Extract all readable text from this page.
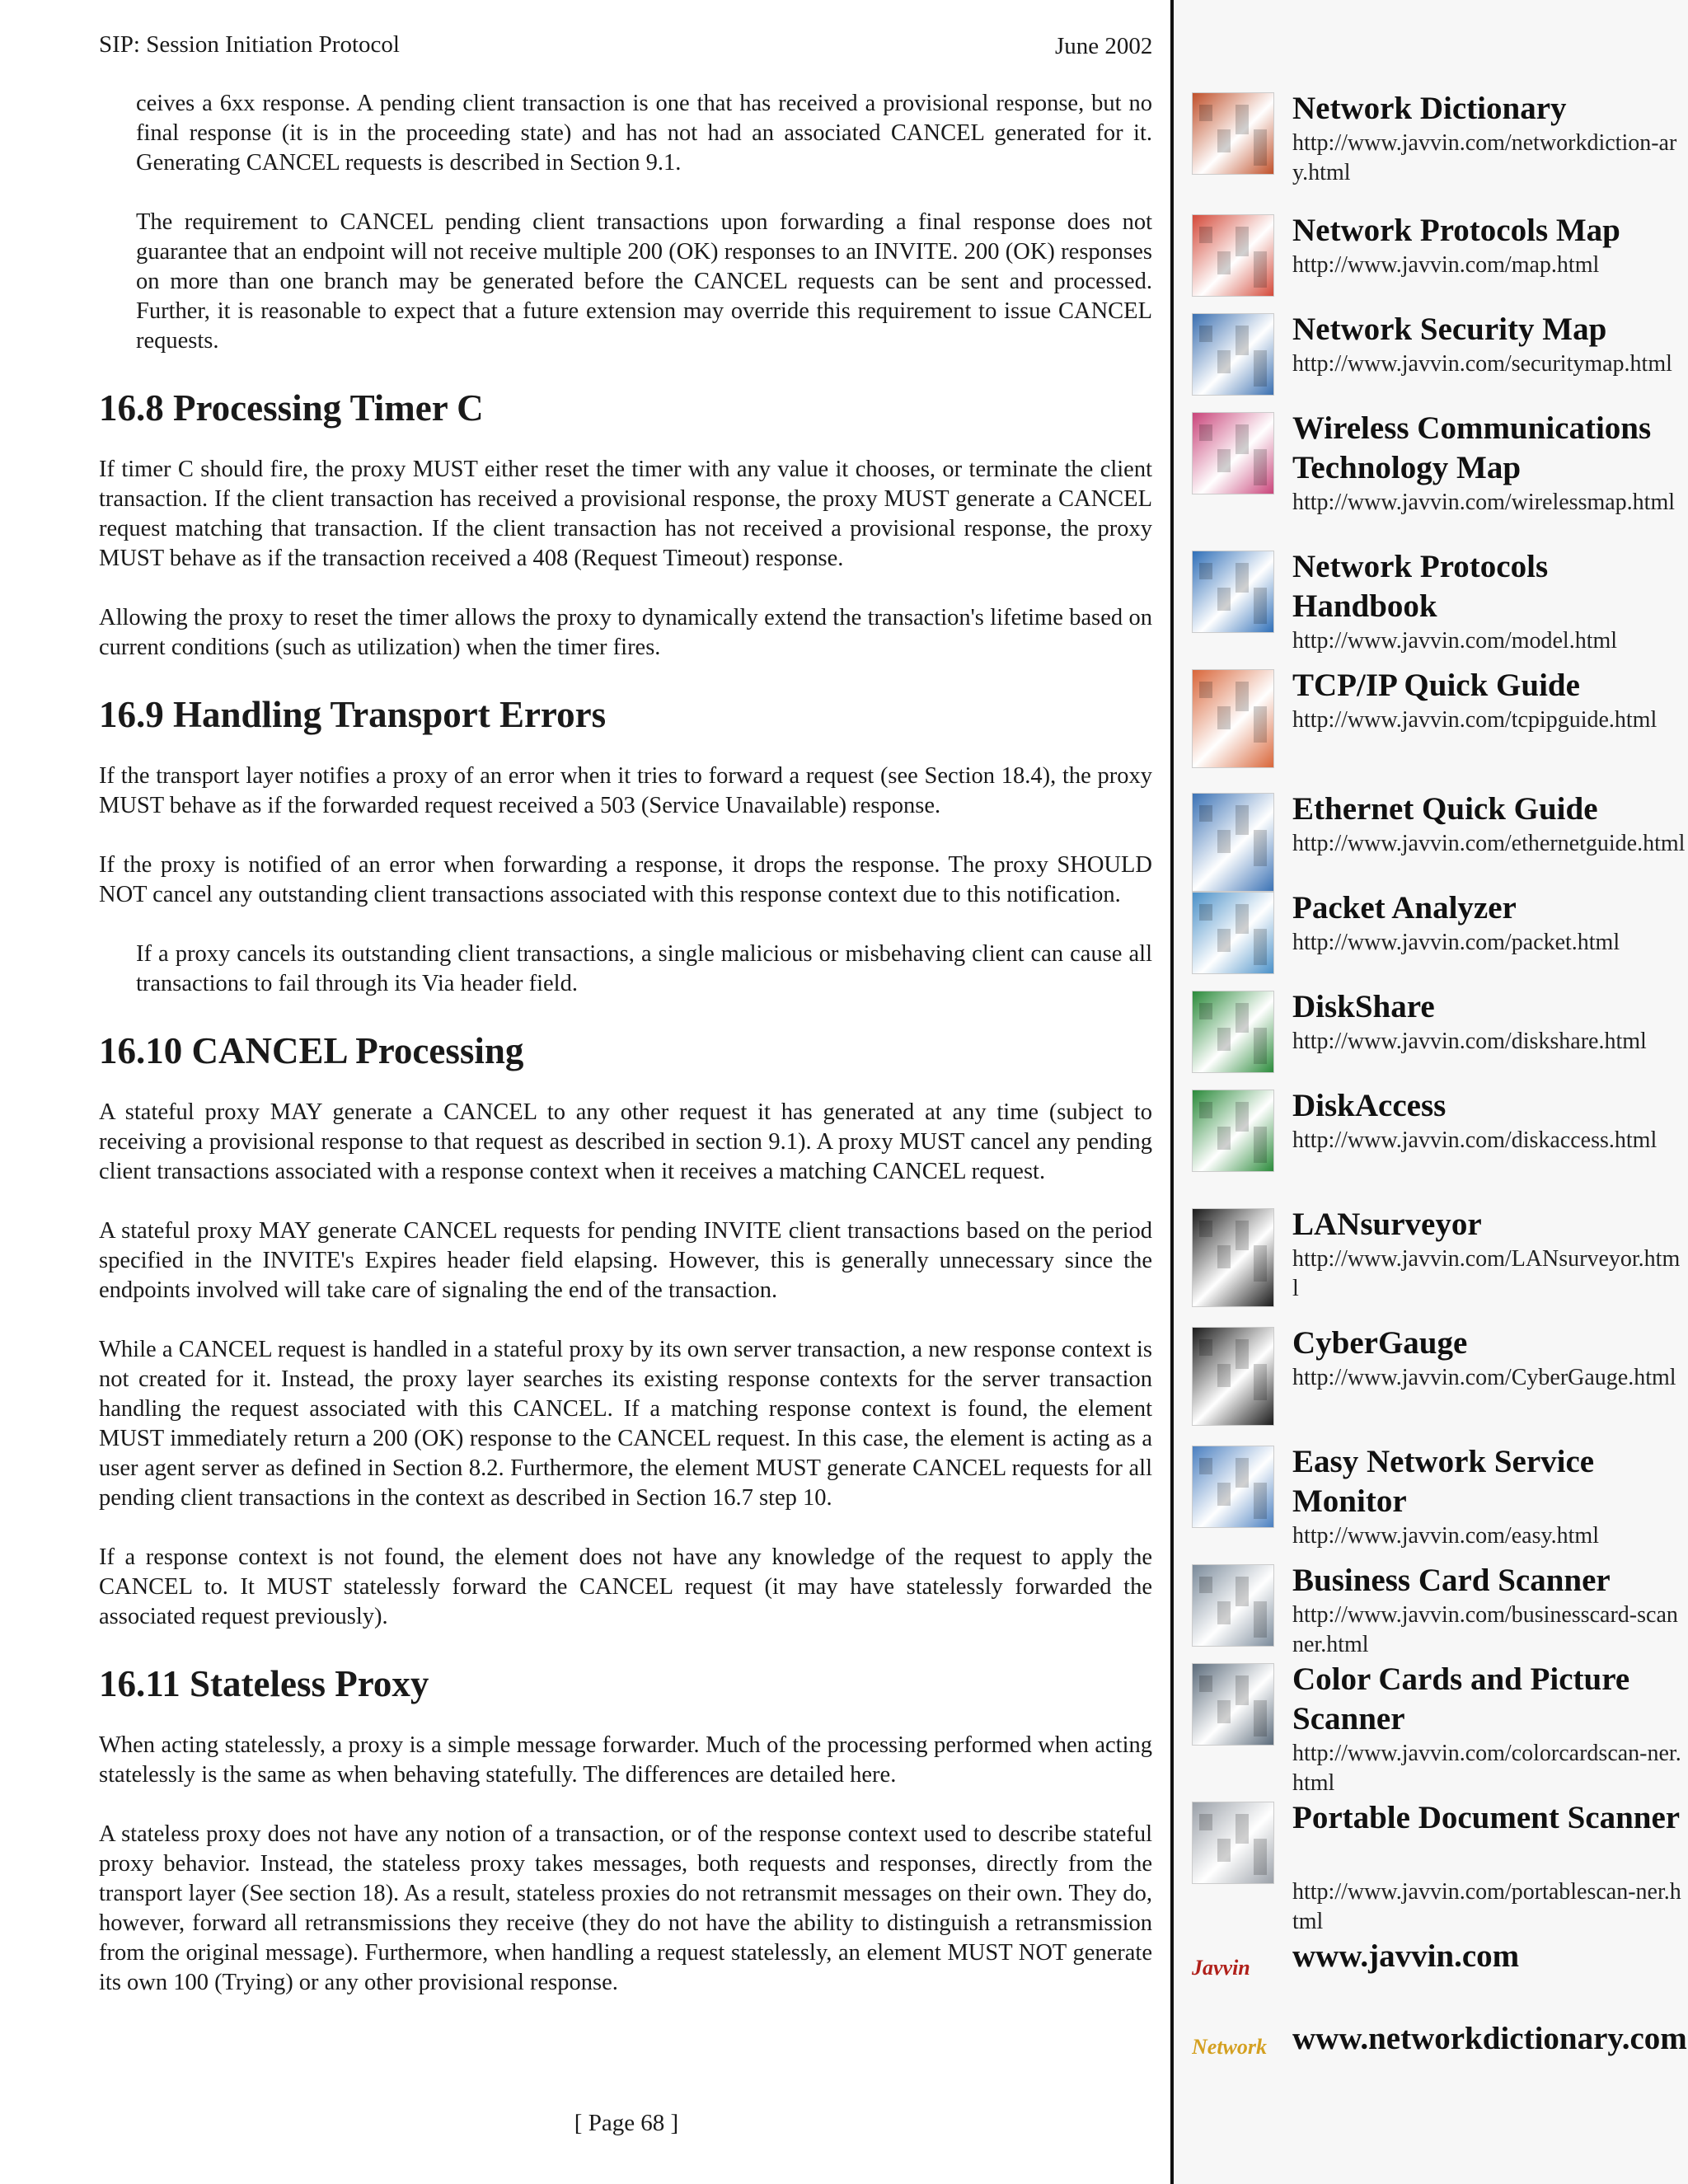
SIP: Session Initiation Protocol	June 2002

ceives a 6xx response. A pending client transaction is one that has received a provisional response, but no final response (it is in the proceeding state) and has not had an associated CANCEL generated for it. Generating CANCEL requests is described in Section 9.1.

The requirement to CANCEL pending client transactions upon forwarding a final response does not guarantee that an endpoint will not receive multiple 200 (OK) responses to an INVITE. 200 (OK) responses on more than one branch may be generated before the CANCEL requests can be sent and processed. Further, it is reasonable to expect that a future extension may override this requirement to issue CANCEL requests.

16.8 Processing Timer C

If timer C should fire, the proxy MUST either reset the timer with any value it chooses, or terminate the client transaction. If the client transaction has received a provisional response, the proxy MUST generate a CANCEL request matching that transaction. If the client transaction has not received a provisional response, the proxy MUST behave as if the transaction received a 408 (Request Timeout) response.

Allowing the proxy to reset the timer allows the proxy to dynamically extend the transaction's lifetime based on current conditions (such as utilization) when the timer fires.

16.9 Handling Transport Errors

If the transport layer notifies a proxy of an error when it tries to forward a request (see Section 18.4), the proxy MUST behave as if the forwarded request received a 503 (Service Unavailable) response.

If the proxy is notified of an error when forwarding a response, it drops the response. The proxy SHOULD NOT cancel any outstanding client transactions associated with this response context due to this notification.

If a proxy cancels its outstanding client transactions, a single malicious or misbehaving client can cause all transactions to fail through its Via header field.

16.10 CANCEL Processing

A stateful proxy MAY generate a CANCEL to any other request it has generated at any time (subject to receiving a provisional response to that request as described in section 9.1). A proxy MUST cancel any pending client transactions associated with a response context when it receives a matching CANCEL request.

A stateful proxy MAY generate CANCEL requests for pending INVITE client transactions based on the period specified in the INVITE's Expires header field elapsing. However, this is generally unnecessary since the endpoints involved will take care of signaling the end of the transaction.

While a CANCEL request is handled in a stateful proxy by its own server transaction, a new response context is not created for it. Instead, the proxy layer searches its existing response contexts for the server transaction handling the request associated with this CANCEL. If a matching response context is found, the element MUST immediately return a 200 (OK) response to the CANCEL request. In this case, the element is acting as a user agent server as defined in Section 8.2. Furthermore, the element MUST generate CANCEL requests for all pending client transactions in the context as described in Section 16.7 step 10.

If a response context is not found, the element does not have any knowledge of the request to apply the CANCEL to. It MUST statelessly forward the CANCEL request (it may have statelessly forwarded the associated request previously).

16.11 Stateless Proxy

When acting statelessly, a proxy is a simple message forwarder. Much of the processing performed when acting statelessly is the same as when behaving statefully. The differences are detailed here.

A stateless proxy does not have any notion of a transaction, or of the response context used to describe stateful proxy behavior. Instead, the stateless proxy takes messages, both requests and responses, directly from the transport layer (See section 18). As a result, stateless proxies do not retransmit messages on their own. They do, however, forward all retransmissions they receive (they do not have the ability to distinguish a retransmission from the original message). Furthermore, when handling a request statelessly, an element MUST NOT generate its own 100 (Trying) or any other provisional response.

[ Page 68 ]
Network Dictionary
http://www.javvin.com/networkdiction-ary.html
Network Protocols Map
http://www.javvin.com/map.html
Network Security Map
http://www.javvin.com/securitymap.html
Wireless Communications Technology Map
http://www.javvin.com/wirelessmap.html
Network Protocols Handbook
http://www.javvin.com/model.html
TCP/IP Quick Guide
http://www.javvin.com/tcpipguide.html
Ethernet Quick Guide
http://www.javvin.com/ethernetguide.html
Packet Analyzer
http://www.javvin.com/packet.html
DiskShare
http://www.javvin.com/diskshare.html
DiskAccess
http://www.javvin.com/diskaccess.html
LANsurveyor
http://www.javvin.com/LANsurveyor.html
CyberGauge
http://www.javvin.com/CyberGauge.html
Easy Network Service Monitor
http://www.javvin.com/easy.html
Business Card Scanner
http://www.javvin.com/businesscard-scanner.html
Color Cards and Picture Scanner
http://www.javvin.com/colorcardscan-ner.html
Portable Document Scanner
http://www.javvin.com/portablescan-ner.html
Javvin	www.javvin.com
Network www.networkdictionary.com
